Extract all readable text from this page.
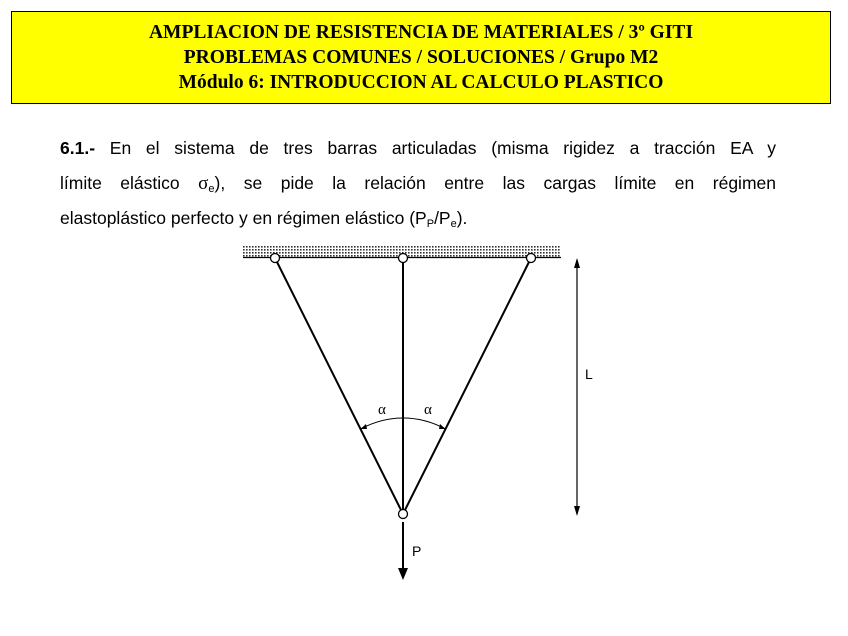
AMPLIACION DE RESISTENCIA DE MATERIALES / 3º GITI
PROBLEMAS COMUNES / SOLUCIONES / Grupo M2
Módulo 6: INTRODUCCION AL CALCULO PLASTICO
6.1.- En el sistema de tres barras articuladas (misma rigidez a tracción EA y
límite elástico $\sigma_e$), se pide la relación entre las cargas límite en régimen
elastoplástico perfecto y en régimen elástico $(P_P/P_e)$.
α	α
P
L
